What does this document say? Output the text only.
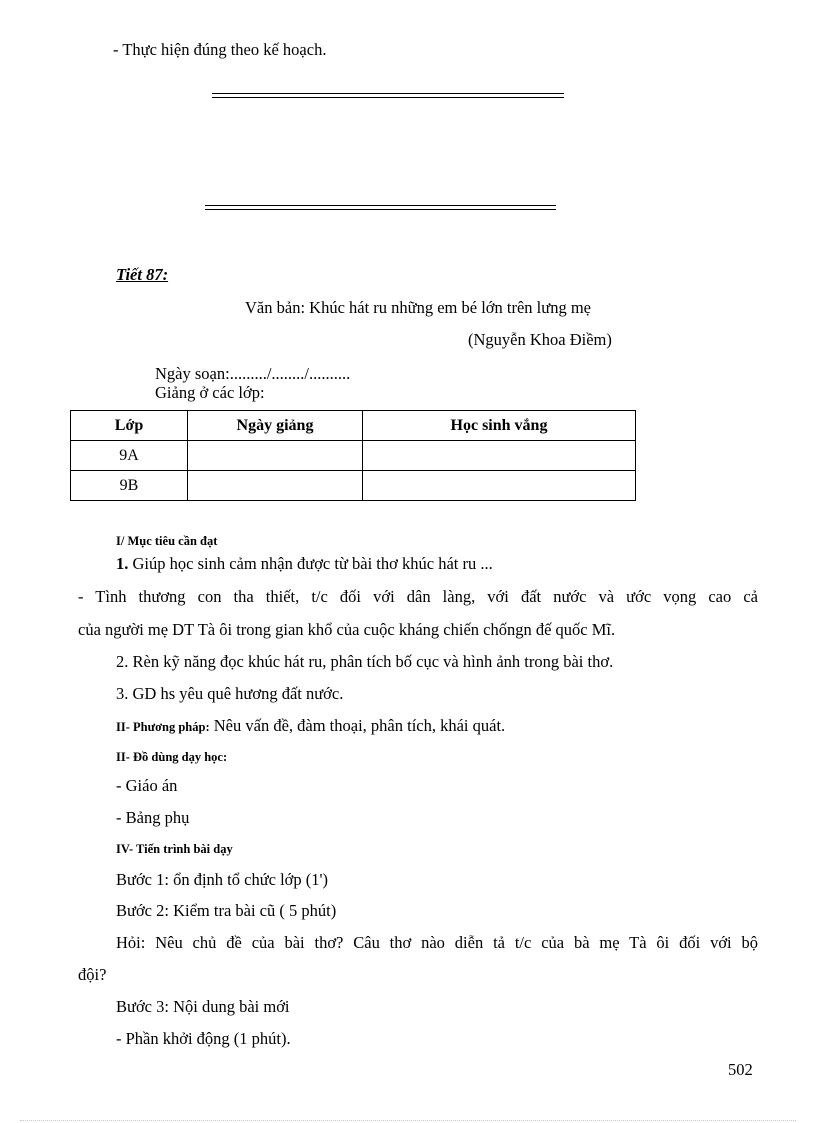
- Thực hiện đúng theo kế hoạch.
Tiết 87:
Văn bản: Khúc hát ru những em bé lớn trên lưng mẹ
(Nguyễn Khoa Điềm)
Ngày soạn:........./......../..........
Giảng ở các lớp:
Lớp	Ngày giảng	Học sinh vắng
9A		
9B		
I/ Mục tiêu cần đạt
1. Giúp học sinh cảm nhận được từ bài thơ khúc hát ru ...
- Tình thương con tha thiết, t/c đối với dân làng, với đất nước và ước vọng cao cả
của người mẹ DT Tà ôi trong gian khổ của cuộc kháng chiến chốngn đế quốc Mĩ.
2. Rèn kỹ năng đọc khúc hát ru, phân tích bố cục và hình ảnh trong bài thơ.
3. GD hs yêu quê hương đất nước.
II- Phương pháp: Nêu vấn đề, đàm thoại, phân tích, khái quát.
II- Đồ dùng dạy học:
- Giáo án
- Bảng phụ
IV- Tiến trình bài dạy
Bước 1: ổn định tổ chức lớp (1')
Bước 2: Kiểm tra bài cũ ( 5 phút)
Hỏi: Nêu chủ đề của bài thơ? Câu thơ nào diễn tả t/c của bà mẹ Tà ôi đối với bộ
đội?
Bước 3: Nội dung bài mới
- Phần khởi động (1 phút).
502
